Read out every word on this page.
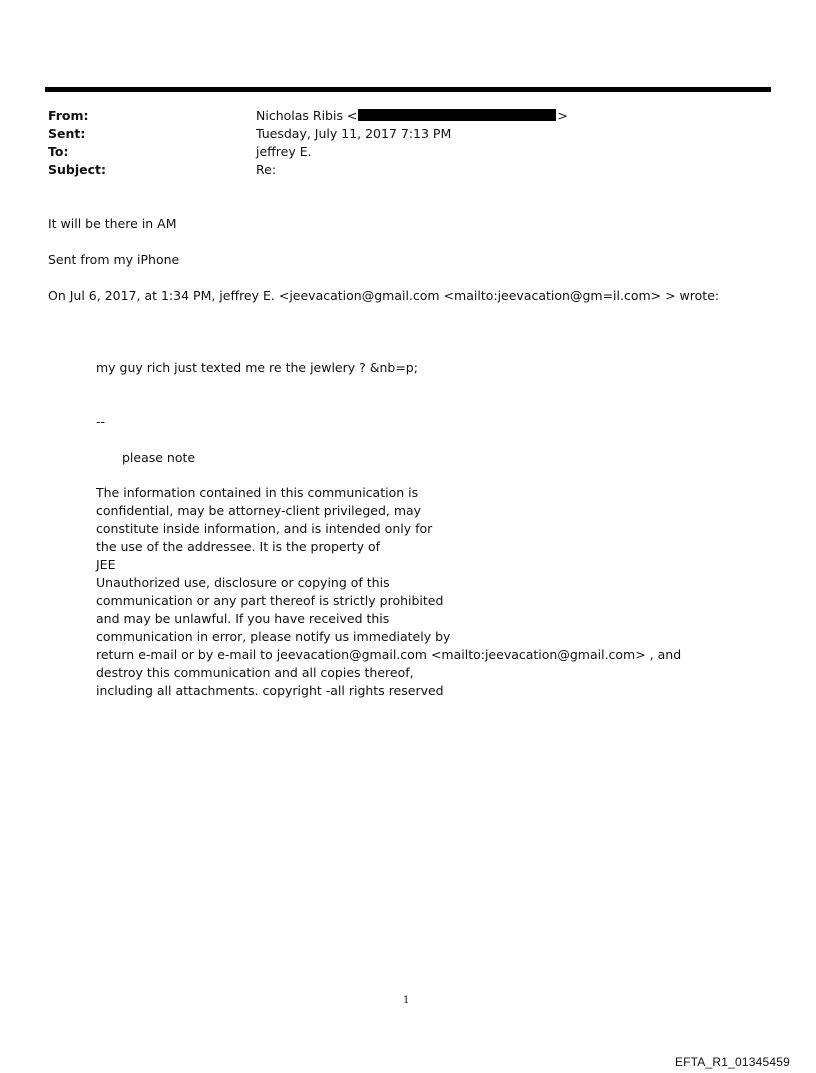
From:	Nicholas Ribis <	>
Sent:	Tuesday, July 11, 2017 7:13 PM
To:	jeffrey E.
Subject:	Re:
It will be there in AM
Sent from my iPhone
On Jul 6, 2017, at 1:34 PM, jeffrey E. <jeevacation@gmail.com <mailto:jeevacation@gm=il.com> > wrote:
my guy rich just texted me re the jewlery ? &nb=p;
--
please note
The information contained in this communication is
confidential, may be attorney-client privileged, may
constitute inside information, and is intended only for
the use of the addressee. It is the property of
JEE
Unauthorized use, disclosure or copying of this
communication or any part thereof is strictly prohibited
and may be unlawful. If you have received this
communication in error, please notify us immediately by
return e-mail or by e-mail to jeevacation@gmail.com <mailto:jeevacation@gmail.com> , and
destroy this communication and all copies thereof,
including all attachments. copyright -all rights reserved
1
EFTA_R1_01345459
